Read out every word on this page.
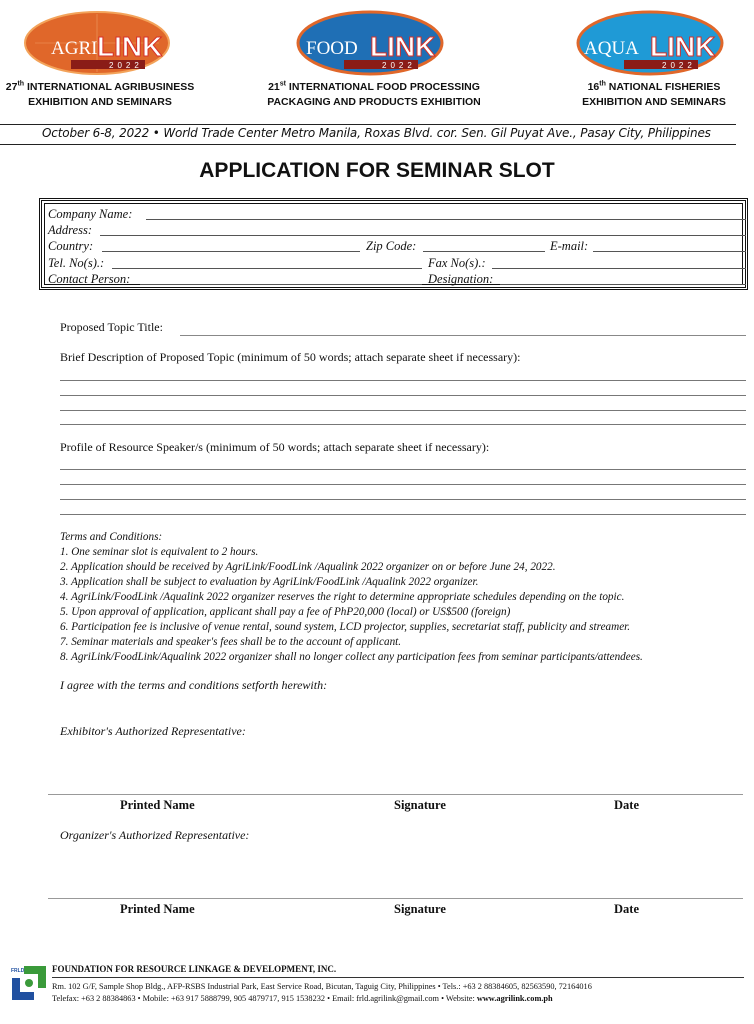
AGRI LINK
2022
FOOD LINK
2022
AQUA LINK
2022
27th INTERNATIONAL AGRIBUSINESS
EXHIBITION AND SEMINARS
21st INTERNATIONAL FOOD PROCESSING
PACKAGING AND PRODUCTS EXHIBITION
16th NATIONAL FISHERIES
EXHIBITION AND SEMINARS
October 6-8, 2022 • World Trade Center Metro Manila, Roxas Blvd. cor. Sen. Gil Puyat Ave., Pasay City, Philippines
APPLICATION FOR SEMINAR SLOT
Company Name:
Address:
Country:	Zip Code:	E-mail:
Tel. No(s).:	Fax No(s).:
Contact Person:	Designation:
Proposed Topic Title:
Brief Description of Proposed Topic (minimum of 50 words; attach separate sheet if necessary):
Profile of Resource Speaker/s (minimum of 50 words; attach separate sheet if necessary):
Terms and Conditions:
1. One seminar slot is equivalent to 2 hours.
2. Application should be received by AgriLink/FoodLink /Aqualink 2022 organizer on or before June 24, 2022.
3. Application shall be subject to evaluation by AgriLink/FoodLink /Aqualink 2022 organizer.
4. AgriLink/FoodLink /Aqualink 2022 organizer reserves the right to determine appropriate schedules depending on the topic.
5. Upon approval of application, applicant shall pay a fee of PhP20,000 (local) or US$500 (foreign)
6. Participation fee is inclusive of venue rental, sound system, LCD projector, supplies, secretariat staff, publicity and streamer.
7. Seminar materials and speaker's fees shall be to the account of applicant.
8. AgriLink/FoodLink/Aqualink 2022 organizer shall no longer collect any participation fees from seminar participants/attendees.
I agree with the terms and conditions setforth herewith:
Exhibitor's Authorized Representative:
Printed Name	Signature	Date
Organizer's Authorized Representative:
Printed Name	Signature	Date
FRLD	FOUNDATION FOR RESOURCE LINKAGE & DEVELOPMENT, INC.
Rm. 102 G/F, Sample Shop Bldg., AFP-RSBS Industrial Park, East Service Road, Bicutan, Taguig City, Philippines • Tels.: +63 2 88384605, 82563590, 72164016
Telefax: +63 2 88384863 • Mobile: +63 917 5888799, 905 4879717, 915 1538232 • Email: frld.agrilink@gmail.com • Website: www.agrilink.com.ph
